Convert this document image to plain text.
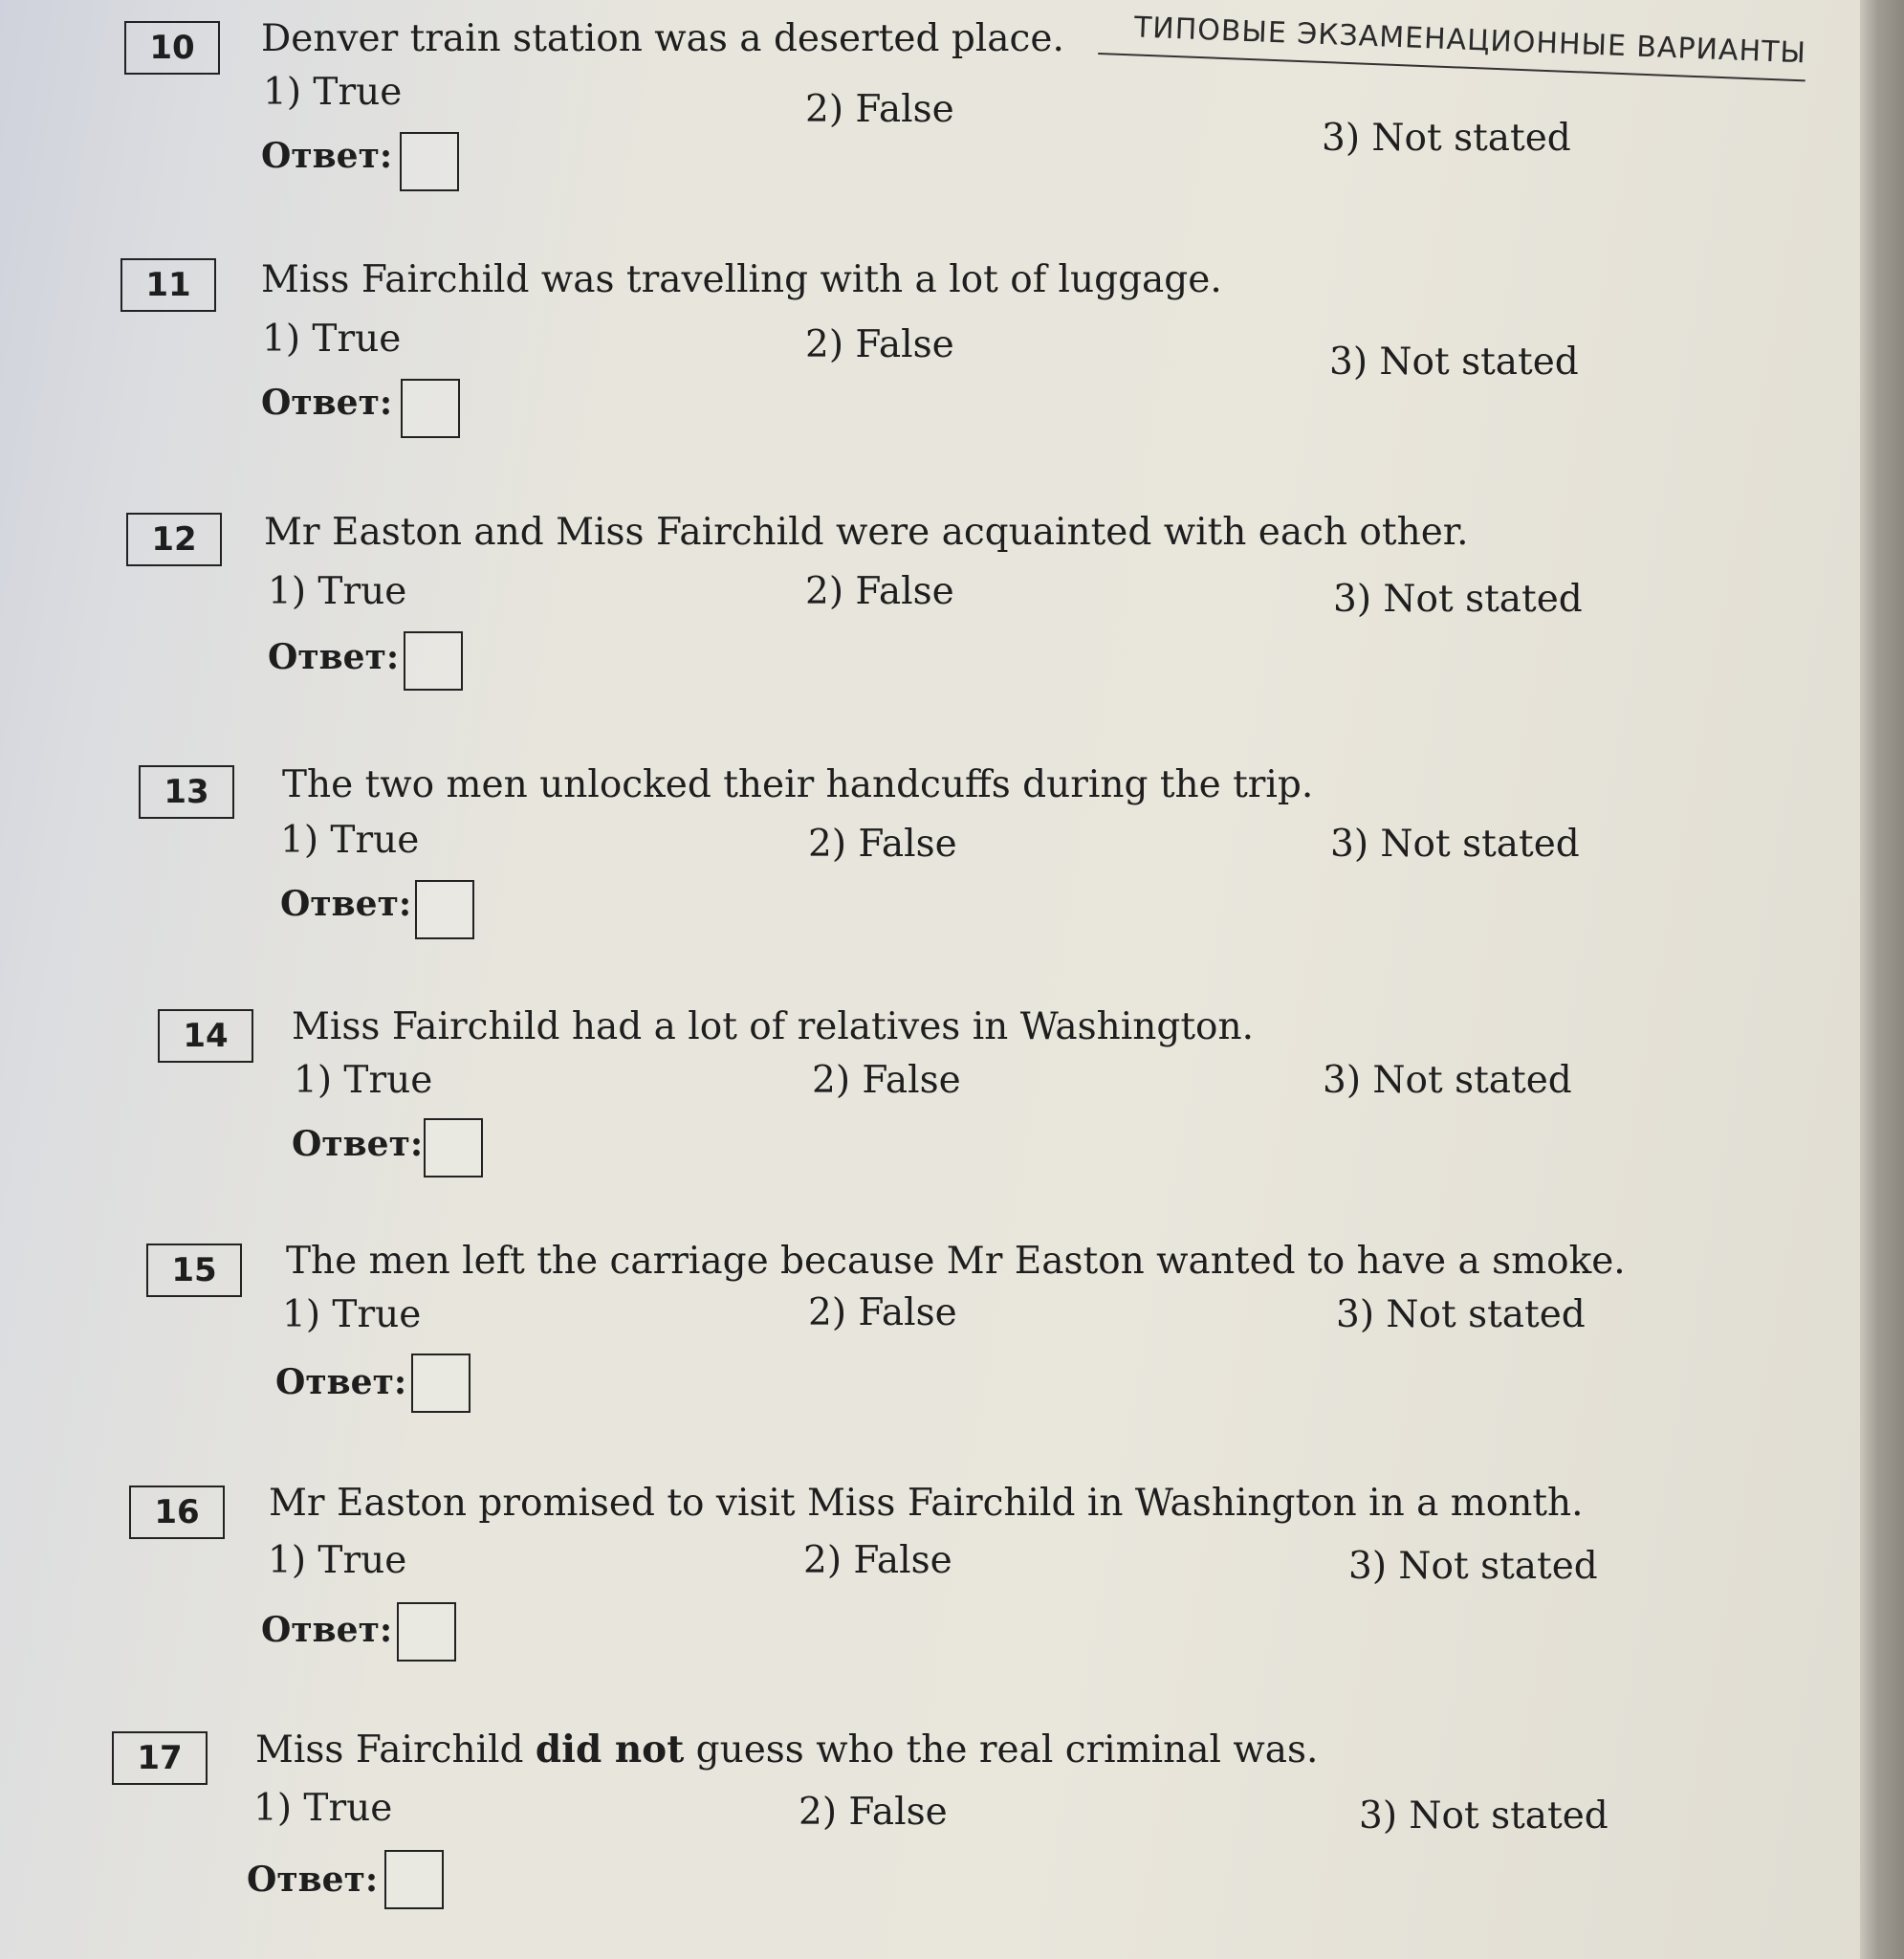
ТИПОВЫЕ ЭКЗАМЕНАЦИОННЫЕ ВАРИАНТЫ
10	Denver train station was a deserted place.
1) True	2) False
3) Not stated
Ответ:
11	Miss Fairchild was travelling with a lot of luggage.
1) True	2) False	3) Not stated
Ответ:
12	Mr Easton and Miss Fairchild were acquainted with each other.
1) True	2) False	3) Not stated
Ответ:
13	The two men unlocked their handcuffs during the trip.
1) True	2) False	3) Not stated
Ответ:
14	Miss Fairchild had a lot of relatives in Washington.
1) True	2) False	3) Not stated
Ответ:
15	The men left the carriage because Mr Easton wanted to have a smoke.
1) True	2) False	3) Not stated
Ответ:
16	Mr Easton promised to visit Miss Fairchild in Washington in a month.
1) True	2) False	3) Not stated
Ответ:
17	Miss Fairchild did not guess who the real criminal was.
1) True	2) False	3) Not stated
Ответ:
